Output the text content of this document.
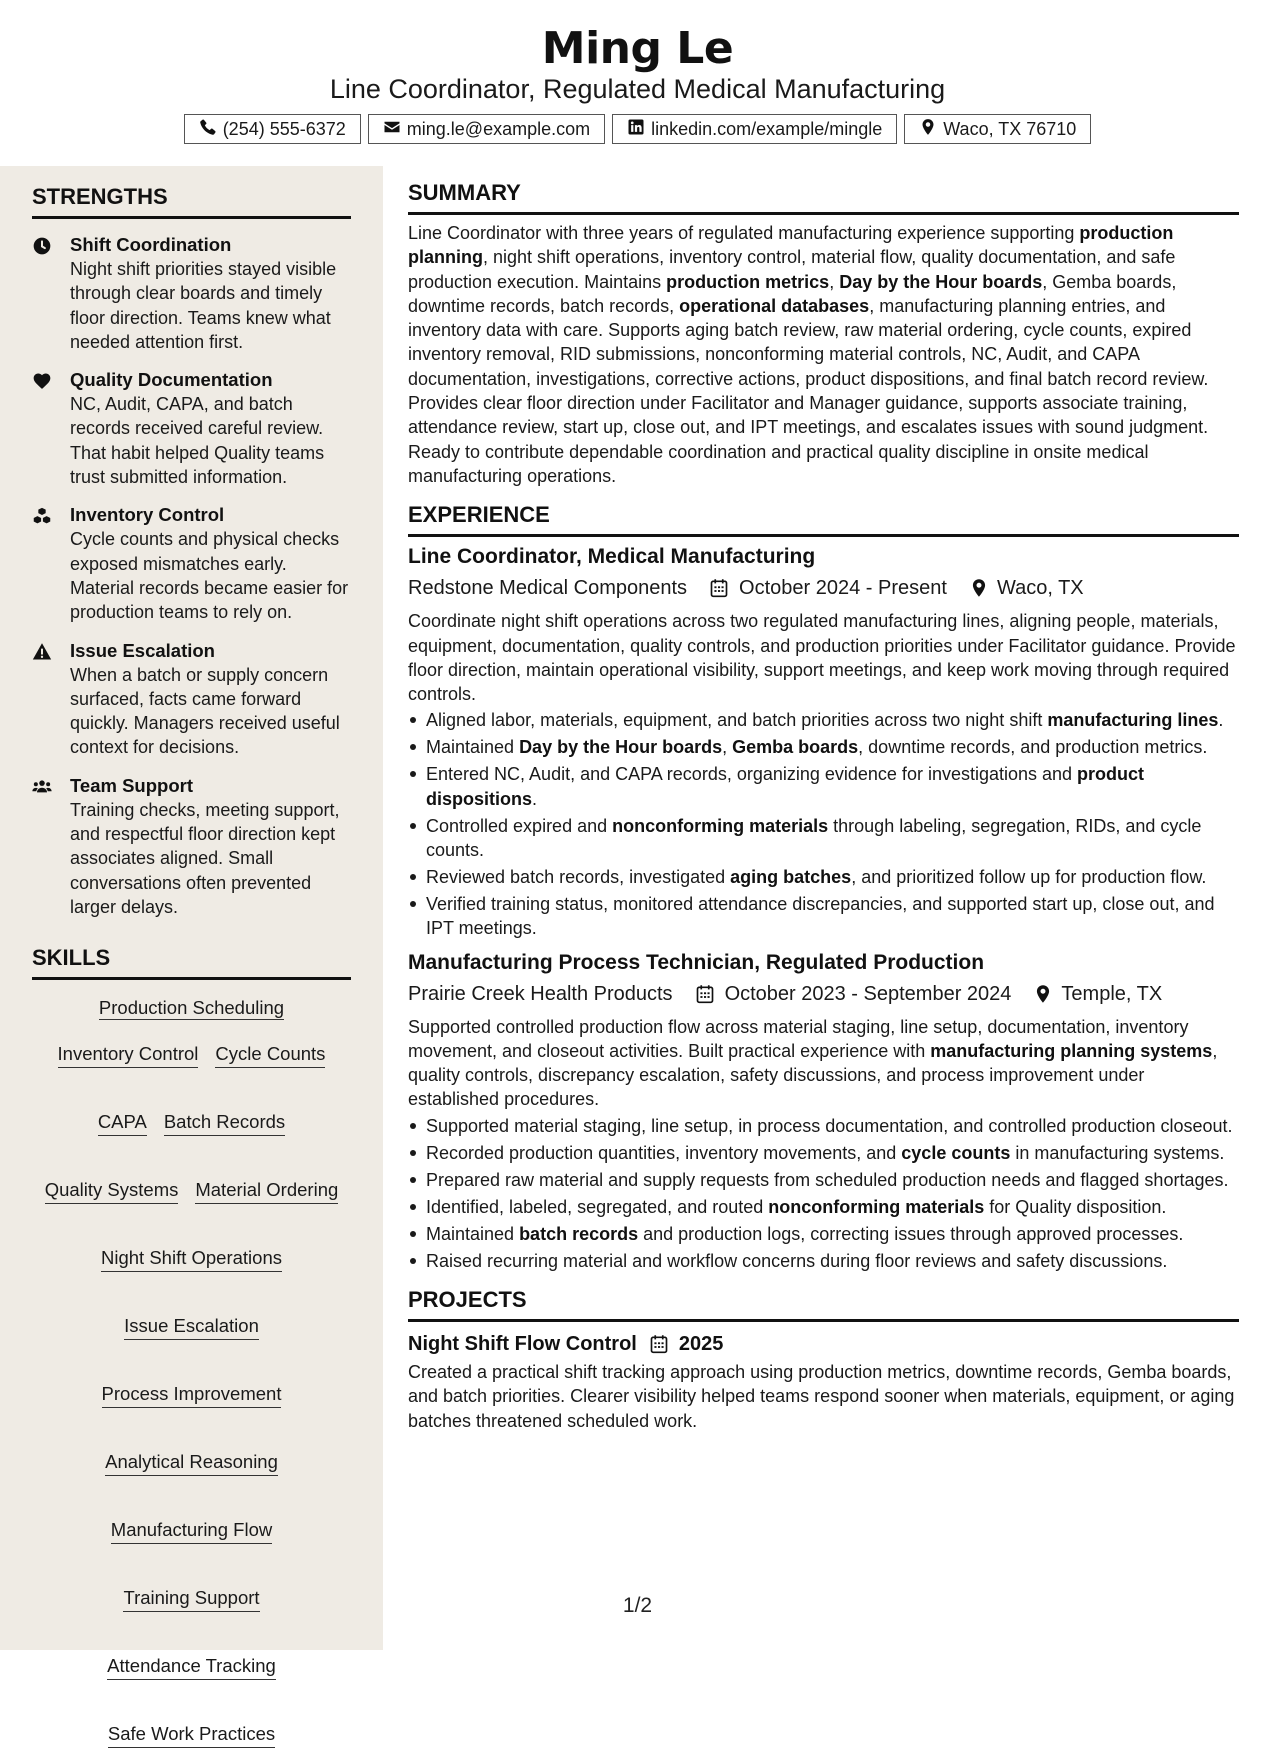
Ming Le
Line Coordinator, Regulated Medical Manufacturing
(254) 555-6372	ming.le@example.com	linkedin.com/example/mingle	Waco, TX 76710
STRENGTHS
Shift Coordination
Night shift priorities stayed visible through clear boards and timely floor direction. Teams knew what needed attention first.
Quality Documentation
NC, Audit, CAPA, and batch records received careful review. That habit helped Quality teams trust submitted information.
Inventory Control
Cycle counts and physical checks exposed mismatches early. Material records became easier for production teams to rely on.
Issue Escalation
When a batch or supply concern surfaced, facts came forward quickly. Managers received useful context for decisions.
Team Support
Training checks, meeting support, and respectful floor direction kept associates aligned. Small conversations often prevented larger delays.
SKILLS
Production Scheduling
Inventory Control Cycle Counts
CAPA Batch Records
Quality Systems Material Ordering
Night Shift Operations
Issue Escalation
Process Improvement
Analytical Reasoning
Manufacturing Flow
Training Support
Attendance Tracking
Safe Work Practices
SUMMARY

Line Coordinator with three years of regulated manufacturing experience supporting production planning, night shift operations, inventory control, material flow, quality documentation, and safe production execution. Maintains production metrics, Day by the Hour boards, Gemba boards, downtime records, batch records, operational databases, manufacturing planning entries, and inventory data with care. Supports aging batch review, raw material ordering, cycle counts, expired inventory removal, RID submissions, nonconforming material controls, NC, Audit, and CAPA documentation, investigations, corrective actions, product dispositions, and final batch record review. Provides clear floor direction under Facilitator and Manager guidance, supports associate training, attendance review, start up, close out, and IPT meetings, and escalates issues with sound judgment. Ready to contribute dependable coordination and practical quality discipline in onsite medical manufacturing operations.

EXPERIENCE
Line Coordinator, Medical Manufacturing
Redstone Medical Components	October 2024 - Present	Waco, TX

Coordinate night shift operations across two regulated manufacturing lines, aligning people, materials, equipment, documentation, quality controls, and production priorities under Facilitator guidance. Provide floor direction, maintain operational visibility, support meetings, and keep work moving through required controls.

Aligned labor, materials, equipment, and batch priorities across two night shift manufacturing lines.
Maintained Day by the Hour boards, Gemba boards, downtime records, and production metrics.
Entered NC, Audit, and CAPA records, organizing evidence for investigations and product dispositions.
Controlled expired and nonconforming materials through labeling, segregation, RIDs, and cycle counts.
Reviewed batch records, investigated aging batches, and prioritized follow up for production flow.
Verified training status, monitored attendance discrepancies, and supported start up, close out, and IPT meetings.
Manufacturing Process Technician, Regulated Production
Prairie Creek Health Products	October 2023 - September 2024	Temple, TX

Supported controlled production flow across material staging, line setup, documentation, inventory movement, and closeout activities. Built practical experience with manufacturing planning systems, quality controls, discrepancy escalation, safety discussions, and process improvement under established procedures.

Supported material staging, line setup, in process documentation, and controlled production closeout.
Recorded production quantities, inventory movements, and cycle counts in manufacturing systems.
Prepared raw material and supply requests from scheduled production needs and flagged shortages.
Identified, labeled, segregated, and routed nonconforming materials for Quality disposition.
Maintained batch records and production logs, correcting issues through approved processes.
Raised recurring material and workflow concerns during floor reviews and safety discussions.
PROJECTS
Night Shift Flow Control 2025

Created a practical shift tracking approach using production metrics, downtime records, Gemba boards, and batch priorities. Clearer visibility helped teams respond sooner when materials, equipment, or aging batches threatened scheduled work.

1/2
